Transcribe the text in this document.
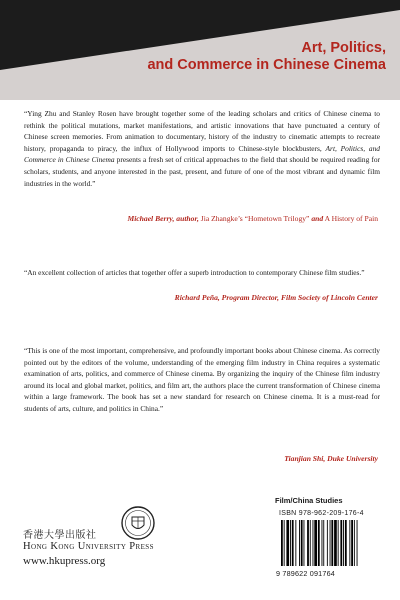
Art, Politics,
and Commerce in Chinese Cinema

“Ying Zhu and Stanley Rosen have brought together some of the leading scholars and critics of Chinese cinema to rethink the political mutations, market manifestations, and artistic innovations that have punctuated a century of Chinese screen memories. From animation to documentary, history of the industry to cinematic attempts to recreate history, propaganda to piracy, the influx of Hollywood imports to Chinese-style blockbusters, Art, Politics, and Commerce in Chinese Cinema presents a fresh set of critical approaches to the field that should be required reading for scholars, students, and anyone interested in the past, present, and future of one of the most vibrant and dynamic film industries in the world.”

Michael Berry, author, Jia Zhangke’s “Hometown Trilogy” and A History of Pain

“An excellent collection of articles that together offer a superb introduction to contemporary Chinese film studies.”

Richard Peña, Program Director, Film Society of Lincoln Center

“This is one of the most important, comprehensive, and profoundly important books about Chinese cinema. As correctly pointed out by the editors of the volume, understanding of the emerging film industry in China requires a systematic examination of arts, politics, and commerce of Chinese cinema. By organizing the inquiry of the Chinese film industry around its local and global market, politics, and film art, the authors place the current transformation of Chinese cinema within a large framework. The book has set a new standard for research on Chinese cinema. It is a must-read for students of arts, culture, and politics in China.”

Tianjian Shi, Duke University
香港大學出版社
Hong Kong University Press
www.hkupress.org
Film/China Studies
ISBN 978-962-209-176-4
9 789622 091764
